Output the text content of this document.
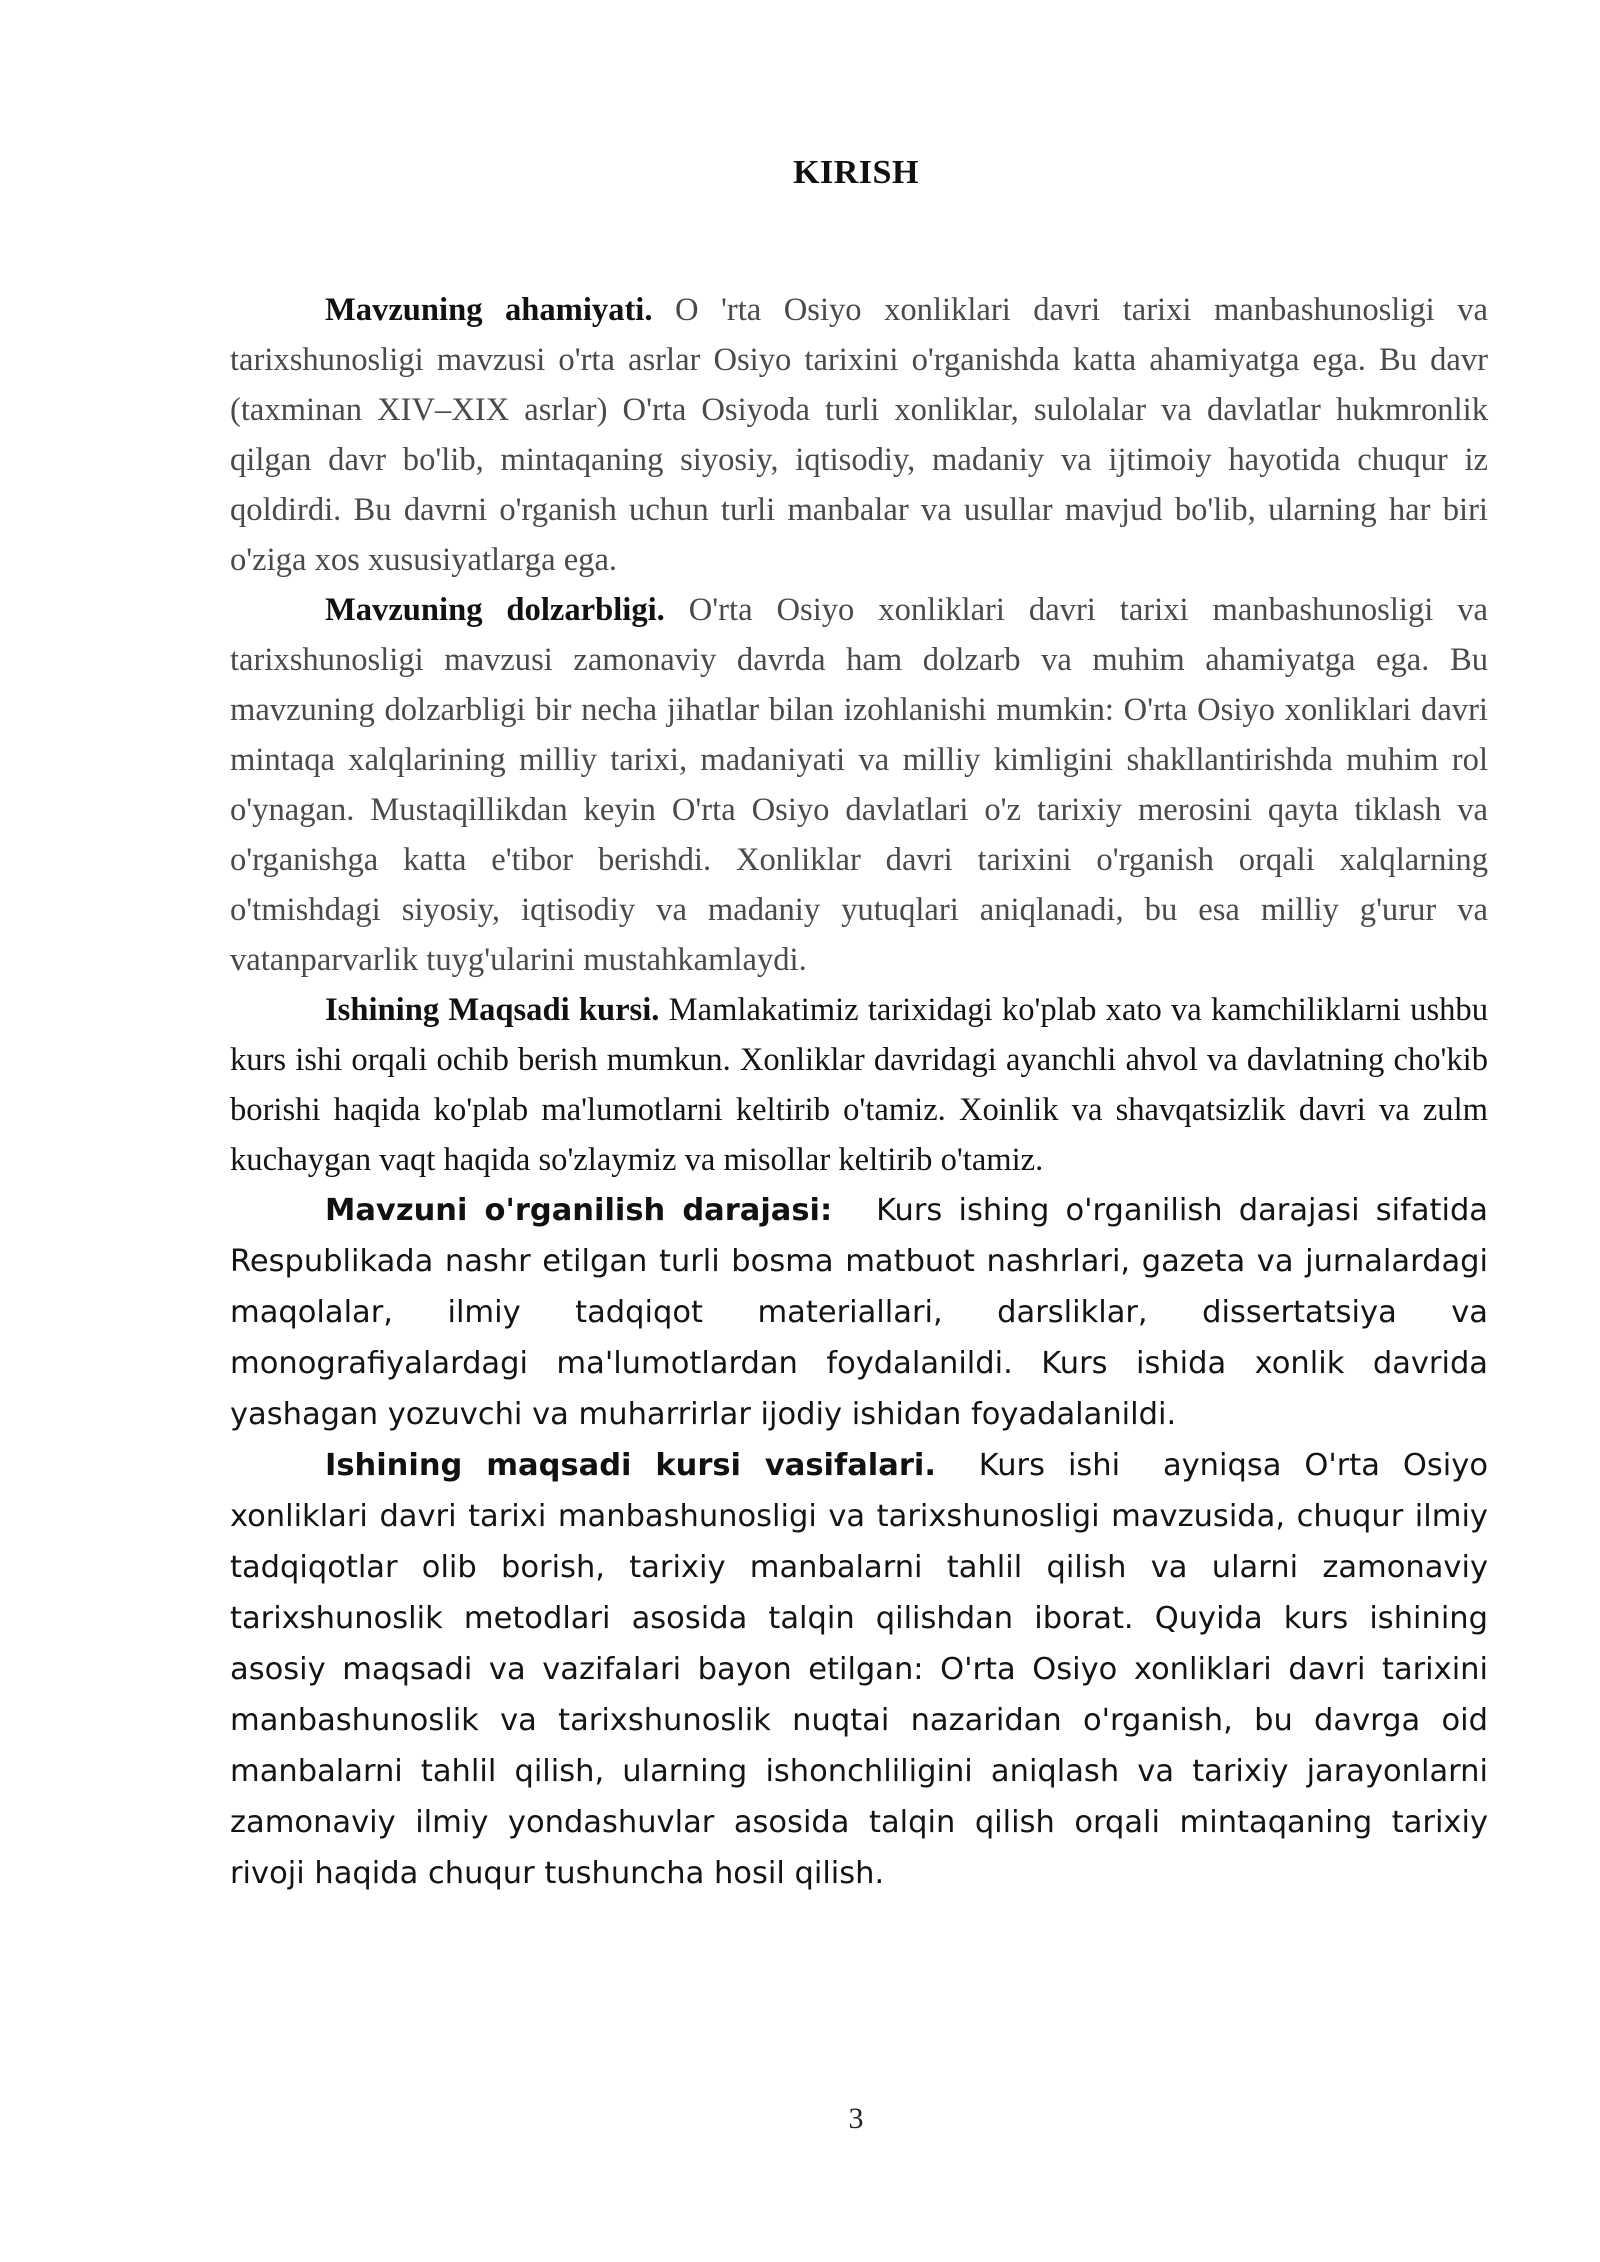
KIRISH

Mavzuning ahamiyati. O 'rta Osiyo xonliklari davri tarixi manbashunosligi va tarixshunosligi mavzusi o'rta asrlar Osiyo tarixini o'rganishda katta ahamiyatga ega. Bu davr (taxminan XIV–XIX asrlar) O'rta Osiyoda turli xonliklar, sulolalar va davlatlar hukmronlik qilgan davr bo'lib, mintaqaning siyosiy, iqtisodiy, madaniy va ijtimoiy hayotida chuqur iz qoldirdi. Bu davrni o'rganish uchun turli manbalar va usullar mavjud bo'lib, ularning har biri o'ziga xos xususiyatlarga ega.

Mavzuning dolzarbligi. O'rta Osiyo xonliklari davri tarixi manbashunosligi va tarixshunosligi mavzusi zamonaviy davrda ham dolzarb va muhim ahamiyatga ega. Bu mavzuning dolzarbligi bir necha jihatlar bilan izohlanishi mumkin: O'rta Osiyo xonliklari davri mintaqa xalqlarining milliy tarixi, madaniyati va milliy kimligini shakllantirishda muhim rol o'ynagan. Mustaqillikdan keyin O'rta Osiyo davlatlari o'z tarixiy merosini qayta tiklash va o'rganishga katta e'tibor berishdi. Xonliklar davri tarixini o'rganish orqali xalqlarning o'tmishdagi siyosiy, iqtisodiy va madaniy yutuqlari aniqlanadi, bu esa milliy g'urur va vatanparvarlik tuyg'ularini mustahkamlaydi.

Ishining Maqsadi kursi. Mamlakatimiz tarixidagi ko'plab xato va kamchiliklarni ushbu kurs ishi orqali ochib berish mumkun. Xonliklar davridagi ayanchli ahvol va davlatning cho'kib borishi haqida ko'plab ma'lumotlarni keltirib o'tamiz. Xoinlik va shavqatsizlik davri va zulm kuchaygan vaqt haqida so'zlaymiz va misollar keltirib o'tamiz.

Mavzuni o'rganilish darajasi: Kurs ishing o'rganilish darajasi sifatida Respublikada nashr etilgan turli bosma matbuot nashrlari, gazeta va jurnalardagi maqolalar, ilmiy tadqiqot materiallari, darsliklar, dissertatsiya va monografiyalardagi ma'lumotlardan foydalanildi. Kurs ishida xonlik davrida yashagan yozuvchi va muharrirlar ijodiy ishidan foyadalanildi.

Ishining maqsadi kursi vasifalari. Kurs ishi ayniqsa O'rta Osiyo xonliklari davri tarixi manbashunosligi va tarixshunosligi mavzusida, chuqur ilmiy tadqiqotlar olib borish, tarixiy manbalarni tahlil qilish va ularni zamonaviy tarixshunoslik metodlari asosida talqin qilishdan iborat. Quyida kurs ishining asosiy maqsadi va vazifalari bayon etilgan: O'rta Osiyo xonliklari davri tarixini manbashunoslik va tarixshunoslik nuqtai nazaridan o'rganish, bu davrga oid manbalarni tahlil qilish, ularning ishonchliligini aniqlash va tarixiy jarayonlarni zamonaviy ilmiy yondashuvlar asosida talqin qilish orqali mintaqaning tarixiy rivoji haqida chuqur tushuncha hosil qilish.

3
